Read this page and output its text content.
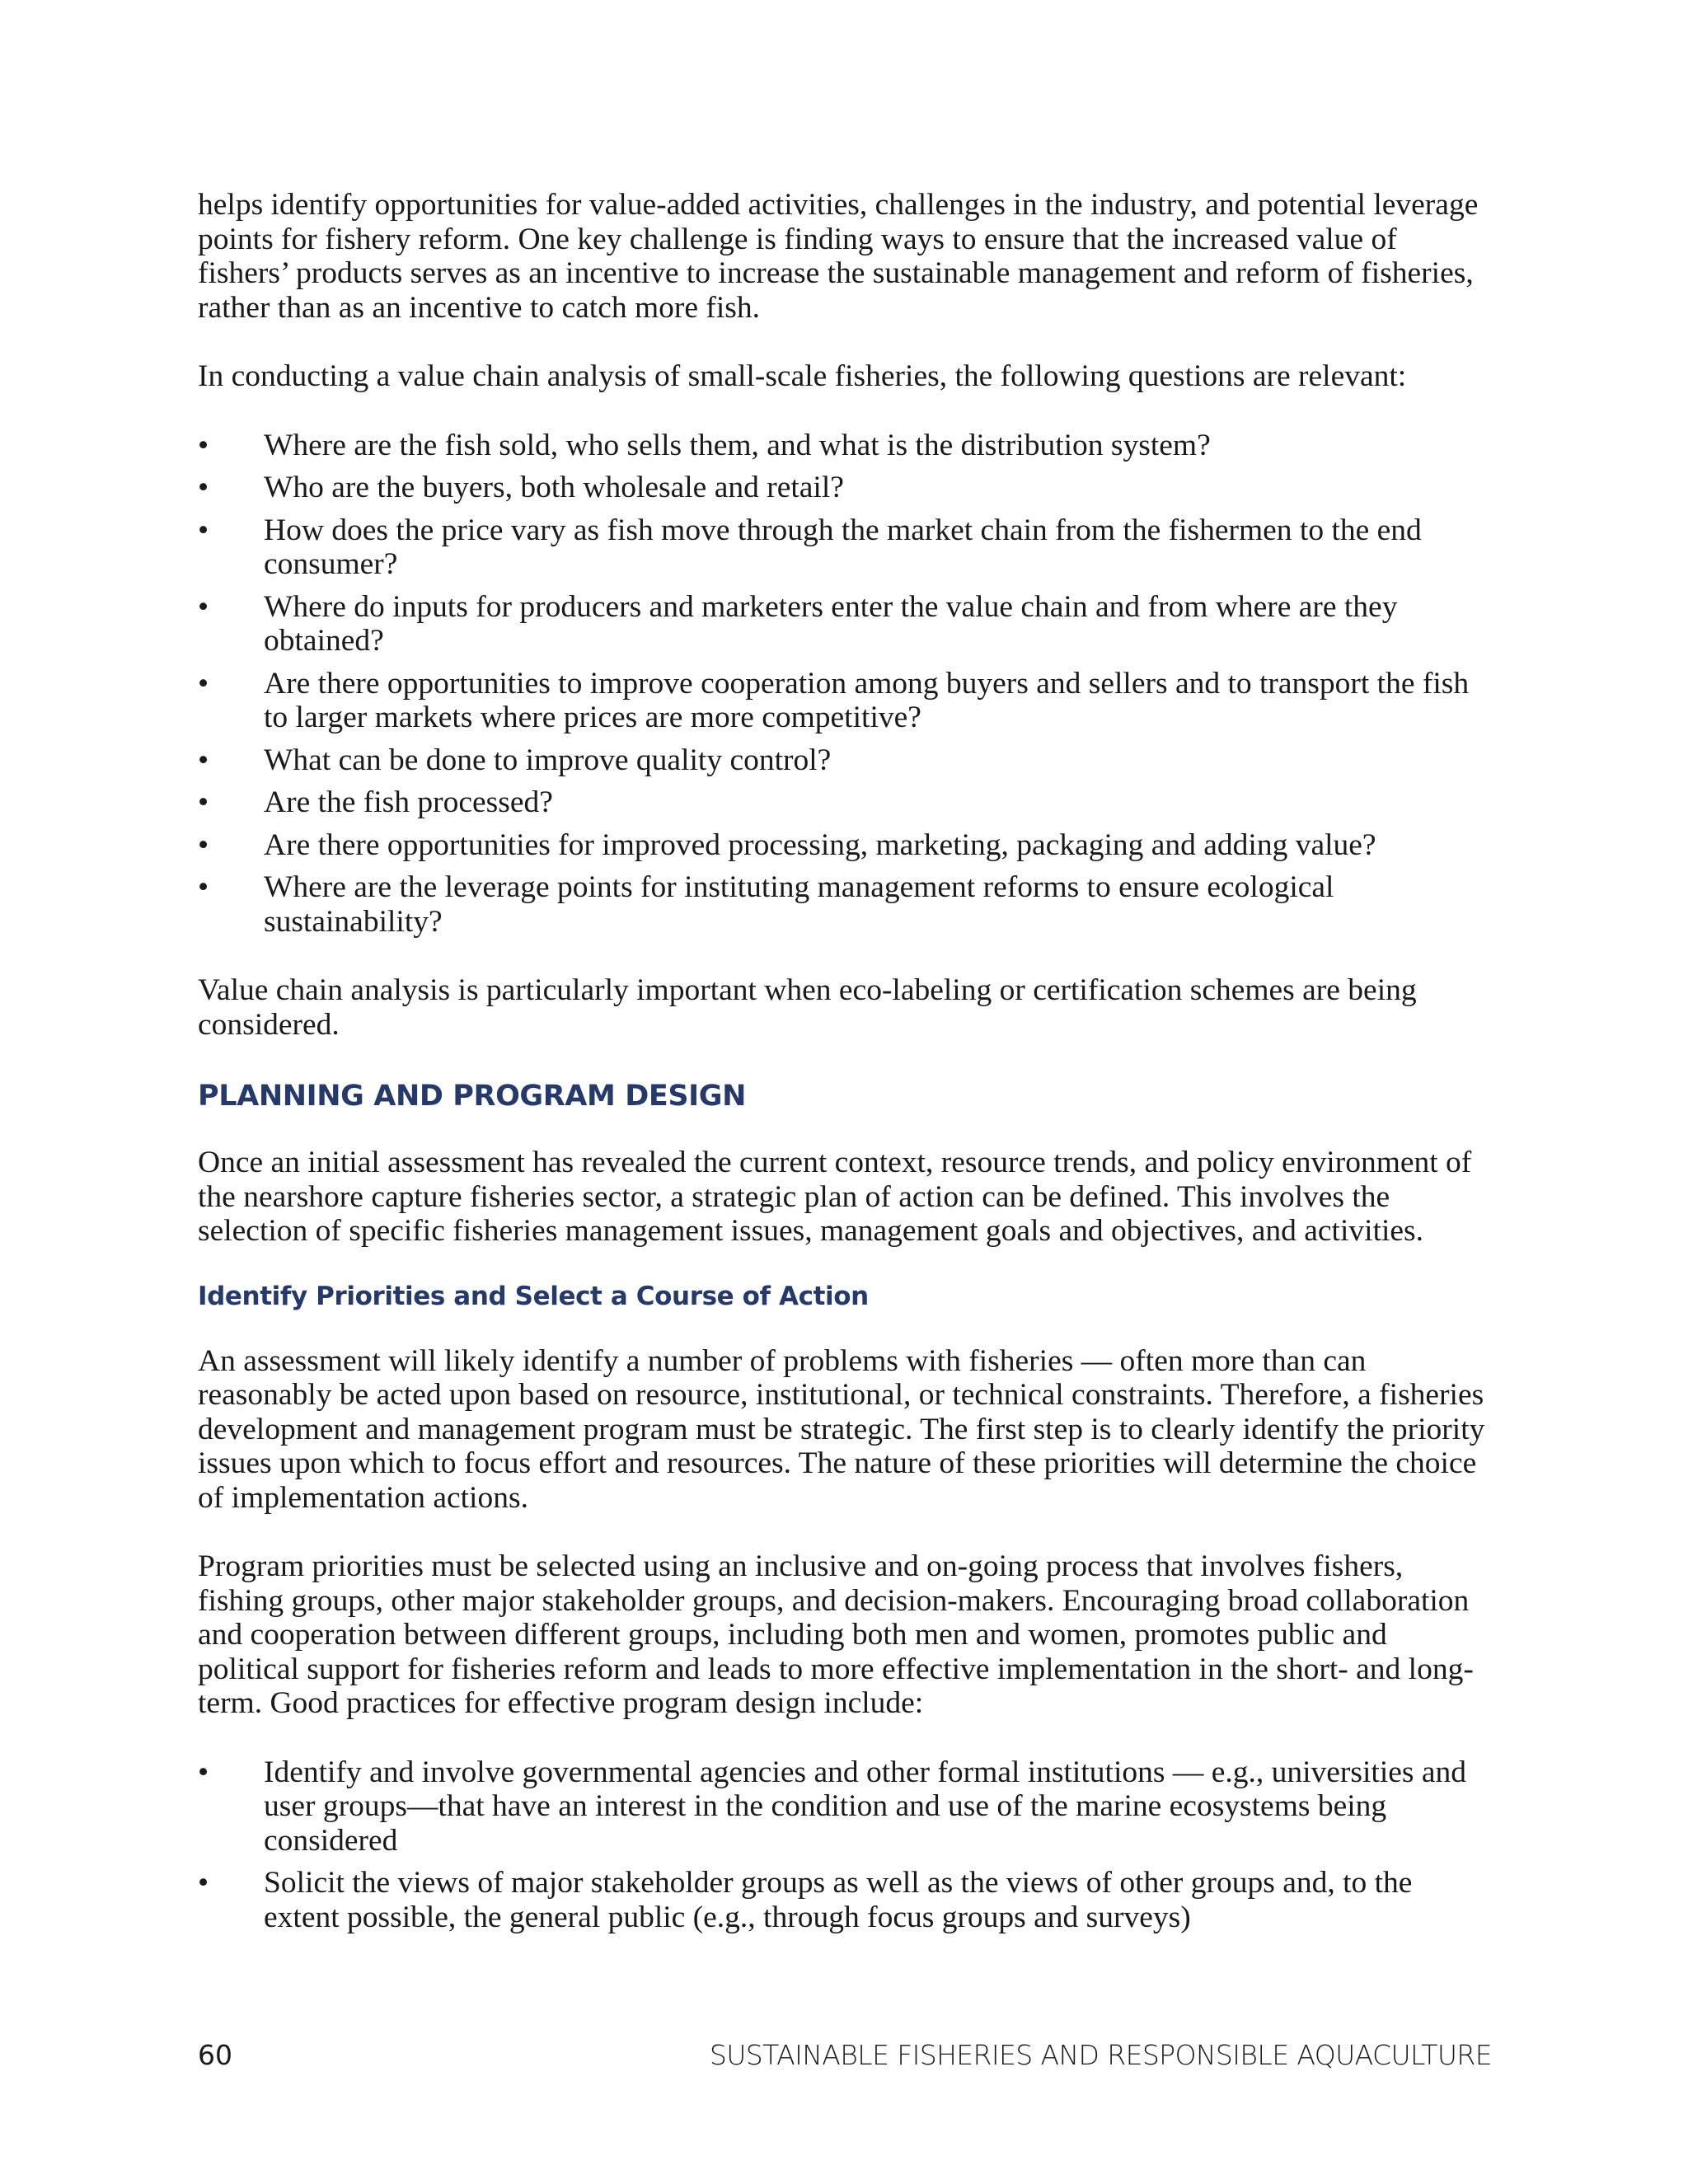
helps identify opportunities for value-added activities, challenges in the industry, and potential leverage points for fishery reform. One key challenge is finding ways to ensure that the increased value of fishers’ products serves as an incentive to increase the sustainable management and reform of fisheries, rather than as an incentive to catch more fish.

In conducting a value chain analysis of small-scale fisheries, the following questions are relevant:

•	Where are the fish sold, who sells them, and what is the distribution system?
•	Who are the buyers, both wholesale and retail?
•	How does the price vary as fish move through the market chain from the fishermen to the end consumer?
•	Where do inputs for producers and marketers enter the value chain and from where are they obtained?
•	Are there opportunities to improve cooperation among buyers and sellers and to transport the fish to larger markets where prices are more competitive?
•	What can be done to improve quality control?
•	Are the fish processed?
•	Are there opportunities for improved processing, marketing, packaging and adding value?
•	Where are the leverage points for instituting management reforms to ensure ecological sustainability?

Value chain analysis is particularly important when eco-labeling or certification schemes are being considered.

PLANNING AND PROGRAM DESIGN

Once an initial assessment has revealed the current context, resource trends, and policy environment of the nearshore capture fisheries sector, a strategic plan of action can be defined. This involves the selection of specific fisheries management issues, management goals and objectives, and activities.

Identify Priorities and Select a Course of Action

An assessment will likely identify a number of problems with fisheries — often more than can reasonably be acted upon based on resource, institutional, or technical constraints. Therefore, a fisheries development and management program must be strategic. The first step is to clearly identify the priority issues upon which to focus effort and resources. The nature of these priorities will determine the choice of implementation actions.

Program priorities must be selected using an inclusive and on-going process that involves fishers, fishing groups, other major stakeholder groups, and decision-makers. Encouraging broad collaboration and cooperation between different groups, including both men and women, promotes public and political support for fisheries reform and leads to more effective implementation in the short- and long-term. Good practices for effective program design include:

•	Identify and involve governmental agencies and other formal institutions — e.g., universities and user groups—that have an interest in the condition and use of the marine ecosystems being considered
•	Solicit the views of major stakeholder groups as well as the views of other groups and, to the extent possible, the general public (e.g., through focus groups and surveys)
60	SUSTAINABLE FISHERIES AND RESPONSIBLE AQUACULTURE
